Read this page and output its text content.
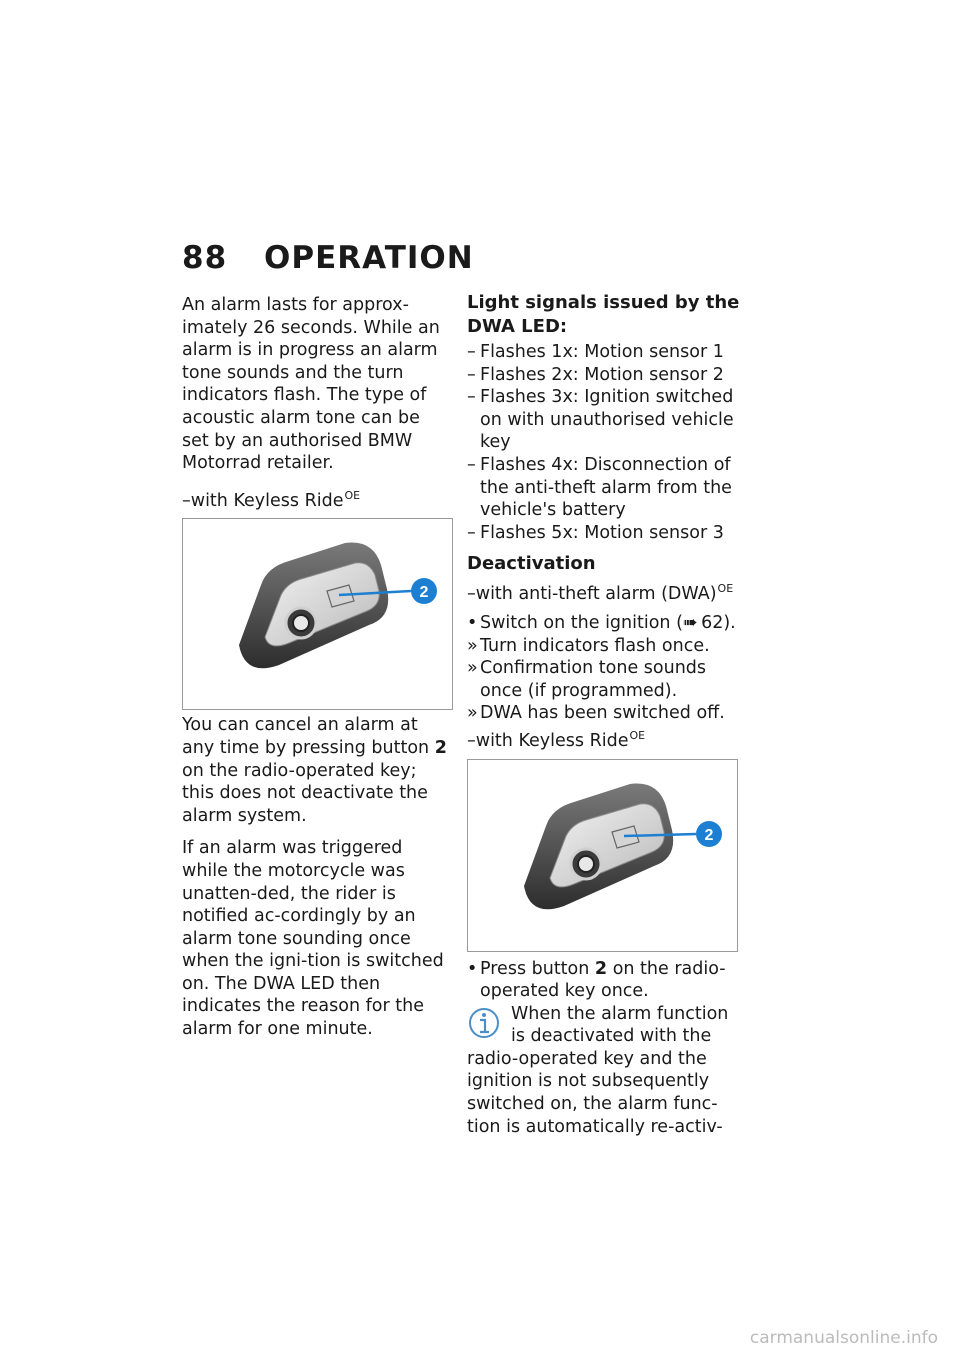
88 OPERATION

An alarm lasts for approx-imately 26 seconds. While an alarm is in progress an alarm tone sounds and the turn indicators flash. The type of acoustic alarm tone can be set by an authorised BMW Motorrad retailer.

–with Keyless Ride$^{OE}$
2

You can cancel an alarm at any time by pressing button 2 on the radio-operated key; this does not deactivate the alarm system.

If an alarm was triggered while the motorcycle was unatten-ded, the rider is notified ac-cordingly by an alarm tone sounding once when the igni-tion is switched on. The DWA LED then indicates the reason for the alarm for one minute.

Light signals issued by the DWA LED:
– Flashes 1x: Motion sensor 1
– Flashes 2x: Motion sensor 2
– Flashes 3x: Ignition switched on with unauthorised vehicle key
– Flashes 4x: Disconnection of the anti-theft alarm from the vehicle's battery
– Flashes 5x: Motion sensor 3
Deactivation
–with anti-theft alarm (DWA)$^{OE}$
• Switch on the ignition (➠  62).
» Turn indicators flash once.
» Confirmation tone sounds once (if programmed).
» DWA has been switched off.
–with Keyless Ride$^{OE}$
2
• Press button 2 on the radio-operated key once.
When the alarm function
is deactivated with the
radio-operated key and the ignition is not subsequently switched on, the alarm func-tion is automatically re-activ-
carmanualsonline.info
